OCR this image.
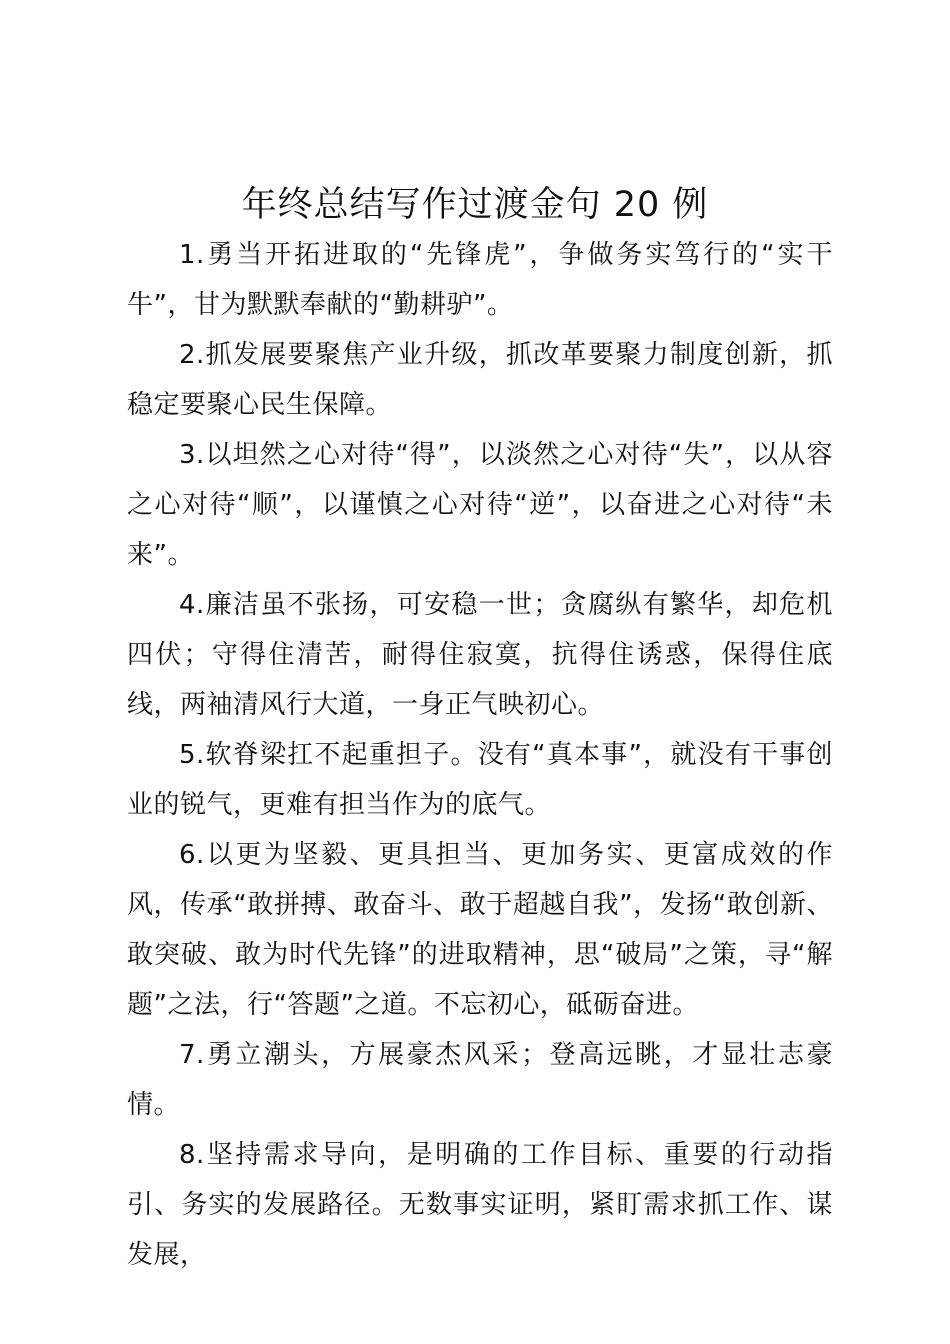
年终总结写作过渡金句 20 例

1.勇当开拓进取的“先锋虎”，争做务实笃行的“实干牛”，甘为默默奉献的“勤耕驴”。

2.抓发展要聚焦产业升级，抓改革要聚力制度创新，抓稳定要聚心民生保障。

3.以坦然之心对待“得”，以淡然之心对待“失”，以从容之心对待“顺”，以谨慎之心对待“逆”，以奋进之心对待“未来”。

4.廉洁虽不张扬，可安稳一世；贪腐纵有繁华，却危机四伏；守得住清苦，耐得住寂寞，抗得住诱惑，保得住底线，两袖清风行大道，一身正气映初心。

5.软脊梁扛不起重担子。没有“真本事”，就没有干事创业的锐气，更难有担当作为的底气。

6.以更为坚毅、更具担当、更加务实、更富成效的作风，传承“敢拼搏、敢奋斗、敢于超越自我”，发扬“敢创新、敢突破、敢为时代先锋”的进取精神，思“破局”之策，寻“解题”之法，行“答题”之道。不忘初心，砥砺奋进。

7.勇立潮头，方展豪杰风采；登高远眺，才显壮志豪情。

8.坚持需求导向，是明确的工作目标、重要的行动指引、务实的发展路径。无数事实证明，紧盯需求抓工作、谋发展，
